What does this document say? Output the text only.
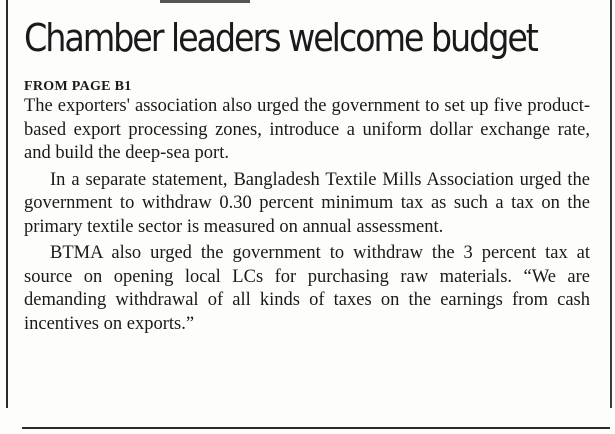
Chamber leaders welcome budget
FROM PAGE B1

The exporters' association also urged the government to set up five product-based export processing zones, introduce a uniform dollar exchange rate, and build the deep-sea port.

In a separate statement, Bangladesh Textile Mills Association urged the government to withdraw 0.30 percent minimum tax as such a tax on the primary textile sector is measured on annual assessment.

BTMA also urged the government to withdraw the 3 percent tax at source on opening local LCs for purchasing raw materials. “We are demanding withdrawal of all kinds of taxes on the earnings from cash incentives on exports.”
